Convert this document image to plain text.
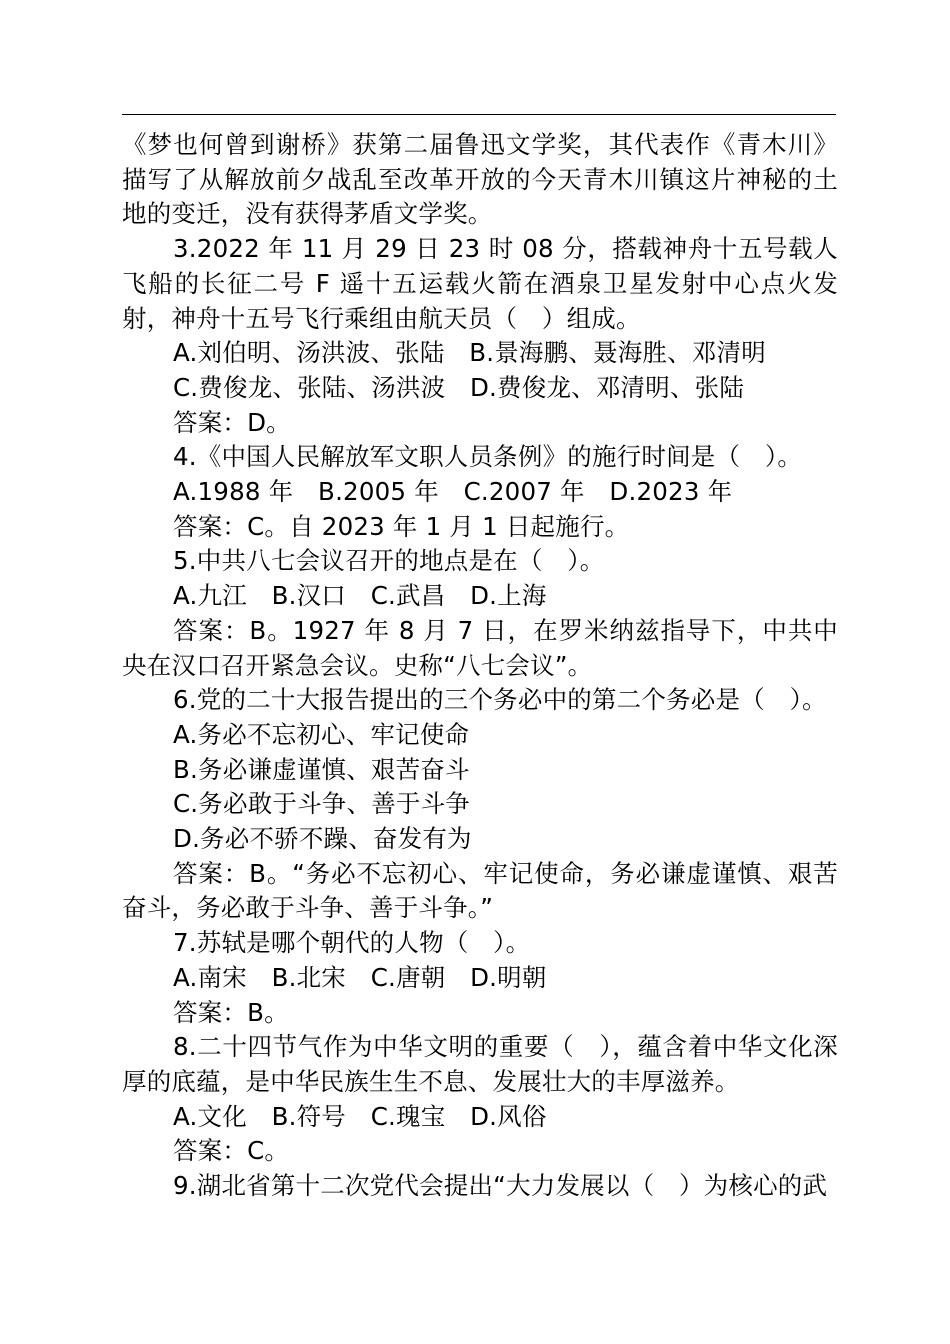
《梦也何曾到谢桥》获第二届鲁迅文学奖，其代表作《青木川》描写了从解放前夕战乱至改革开放的今天青木川镇这片神秘的土地的变迁，没有获得茅盾文学奖。

3.2022 年 11 月 29 日 23 时 08 分，搭载神舟十五号载人飞船的长征二号 F 遥十五运载火箭在酒泉卫星发射中心点火发射，神舟十五号飞行乘组由航天员（　）组成。

A.刘伯明、汤洪波、张陆　B.景海鹏、聂海胜、邓清明

C.费俊龙、张陆、汤洪波　D.费俊龙、邓清明、张陆

答案：D。

4.《中国人民解放军文职人员条例》的施行时间是（　）。

A.1988 年　B.2005 年　C.2007 年　D.2023 年

答案：C。自 2023 年 1 月 1 日起施行。

5.中共八七会议召开的地点是在（　）。

A.九江　B.汉口　C.武昌　D.上海

答案：B。1927 年 8 月 7 日，在罗米纳兹指导下，中共中央在汉口召开紧急会议。史称“八七会议”。

6.党的二十大报告提出的三个务必中的第二个务必是（　）。

A.务必不忘初心、牢记使命

B.务必谦虚谨慎、艰苦奋斗

C.务必敢于斗争、善于斗争

D.务必不骄不躁、奋发有为

答案：B。“务必不忘初心、牢记使命，务必谦虚谨慎、艰苦奋斗，务必敢于斗争、善于斗争。”

7.苏轼是哪个朝代的人物（　）。

A.南宋　B.北宋　C.唐朝　D.明朝

答案：B。

8.二十四节气作为中华文明的重要（　），蕴含着中华文化深厚的底蕴，是中华民族生生不息、发展壮大的丰厚滋养。

A.文化　B.符号　C.瑰宝　D.风俗

答案：C。

9.湖北省第十二次党代会提出“大力发展以（　）为核心的武
